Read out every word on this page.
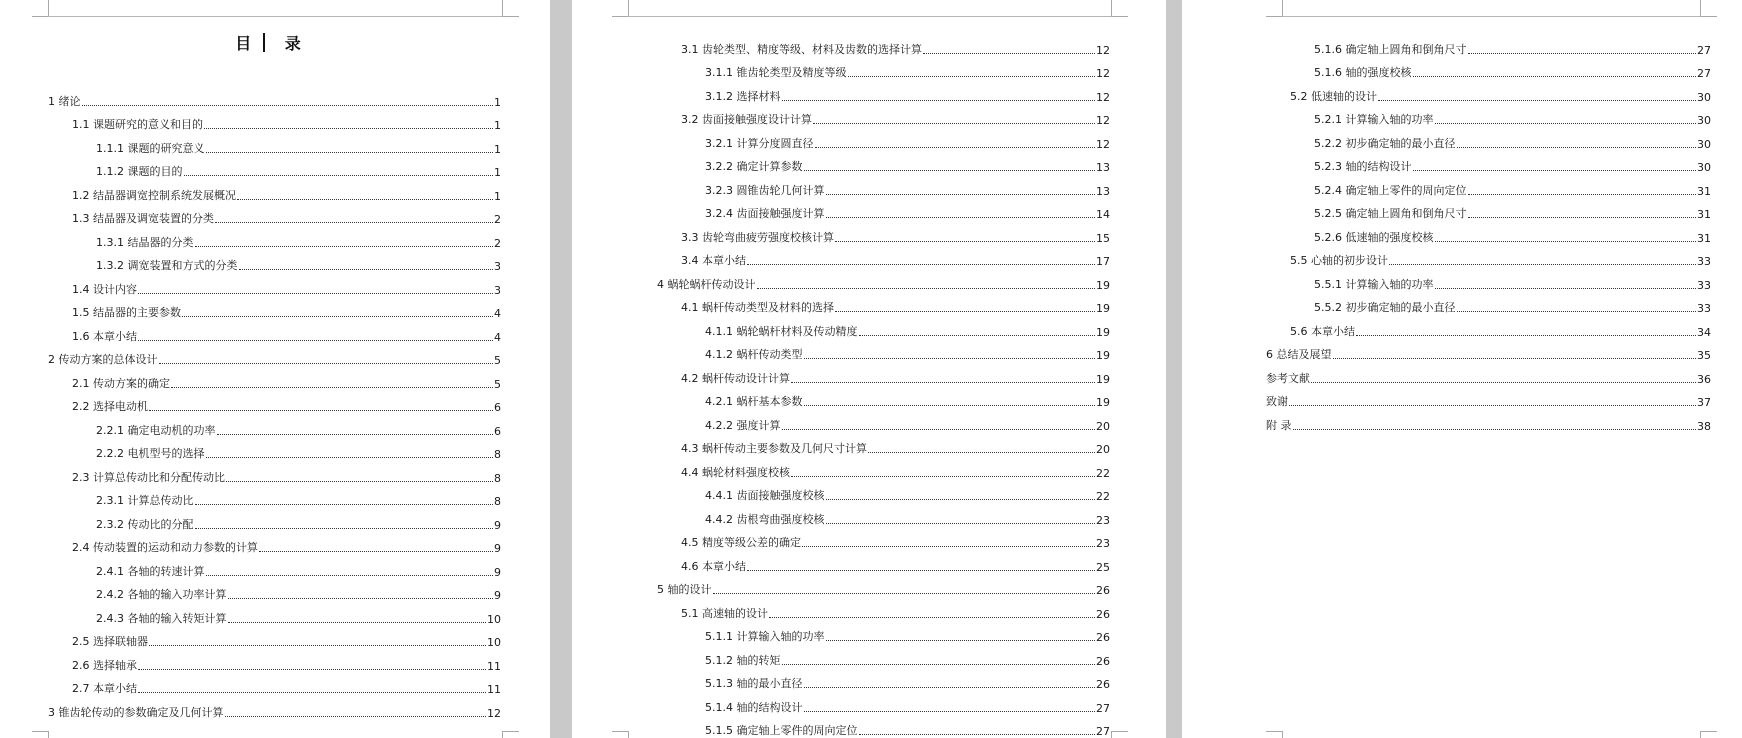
目 录
1 绪论	1
1.1 课题研究的意义和目的	1
1.1.1 课题的研究意义	1
1.1.2 课题的目的	1
1.2 结晶器调宽控制系统发展概况	1
1.3 结晶器及调宽装置的分类	2
1.3.1 结晶器的分类	2
1.3.2 调宽装置和方式的分类	3
1.4 设计内容	3
1.5 结晶器的主要参数	4
1.6 本章小结	4
2 传动方案的总体设计	5
2.1 传动方案的确定	5
2.2 选择电动机	6
2.2.1 确定电动机的功率	6
2.2.2 电机型号的选择	8
2.3 计算总传动比和分配传动比	8
2.3.1 计算总传动比	8
2.3.2 传动比的分配	9
2.4 传动装置的运动和动力参数的计算	9
2.4.1 各轴的转速计算	9
2.4.2 各轴的输入功率计算	9
2.4.3 各轴的输入转矩计算	10
2.5 选择联轴器	10
2.6 选择轴承	11
2.7 本章小结	11
3 锥齿轮传动的参数确定及几何计算	12
3.1 齿轮类型、精度等级、材料及齿数的选择计算	12
3.1.1 锥齿轮类型及精度等级	12
3.1.2 选择材料	12
3.2 齿面接触强度设计计算	12
3.2.1 计算分度圆直径	12
3.2.2 确定计算参数	13
3.2.3 圆锥齿轮几何计算	13
3.2.4 齿面接触强度计算	14
3.3 齿轮弯曲疲劳强度校核计算	15
3.4 本章小结	17
4 蜗轮蜗杆传动设计	19
4.1 蜗杆传动类型及材料的选择	19
4.1.1 蜗轮蜗杆材料及传动精度	19
4.1.2 蜗杆传动类型	19
4.2 蜗杆传动设计计算	19
4.2.1 蜗杆基本参数	19
4.2.2 强度计算	20
4.3 蜗杆传动主要参数及几何尺寸计算	20
4.4 蜗轮材料强度校核	22
4.4.1 齿面接触强度校核	22
4.4.2 齿根弯曲强度校核	23
4.5 精度等级公差的确定	23
4.6 本章小结	25
5 轴的设计	26
5.1 高速轴的设计	26
5.1.1 计算输入轴的功率	26
5.1.2 轴的转矩	26
5.1.3 轴的最小直径	26
5.1.4 轴的结构设计	27
5.1.5 确定轴上零件的周向定位	27
5.1.6 确定轴上圆角和倒角尺寸	27
5.1.6 轴的强度校核	27
5.2 低速轴的设计	30
5.2.1 计算输入轴的功率	30
5.2.2 初步确定轴的最小直径	30
5.2.3 轴的结构设计	30
5.2.4 确定轴上零件的周向定位	31
5.2.5 确定轴上圆角和倒角尺寸	31
5.2.6 低速轴的强度校核	31
5.5 心轴的初步设计	33
5.5.1 计算输入轴的功率	33
5.5.2 初步确定轴的最小直径	33
5.6 本章小结	34
6 总结及展望	35
参考文献	36
致谢	37
附 录	38
